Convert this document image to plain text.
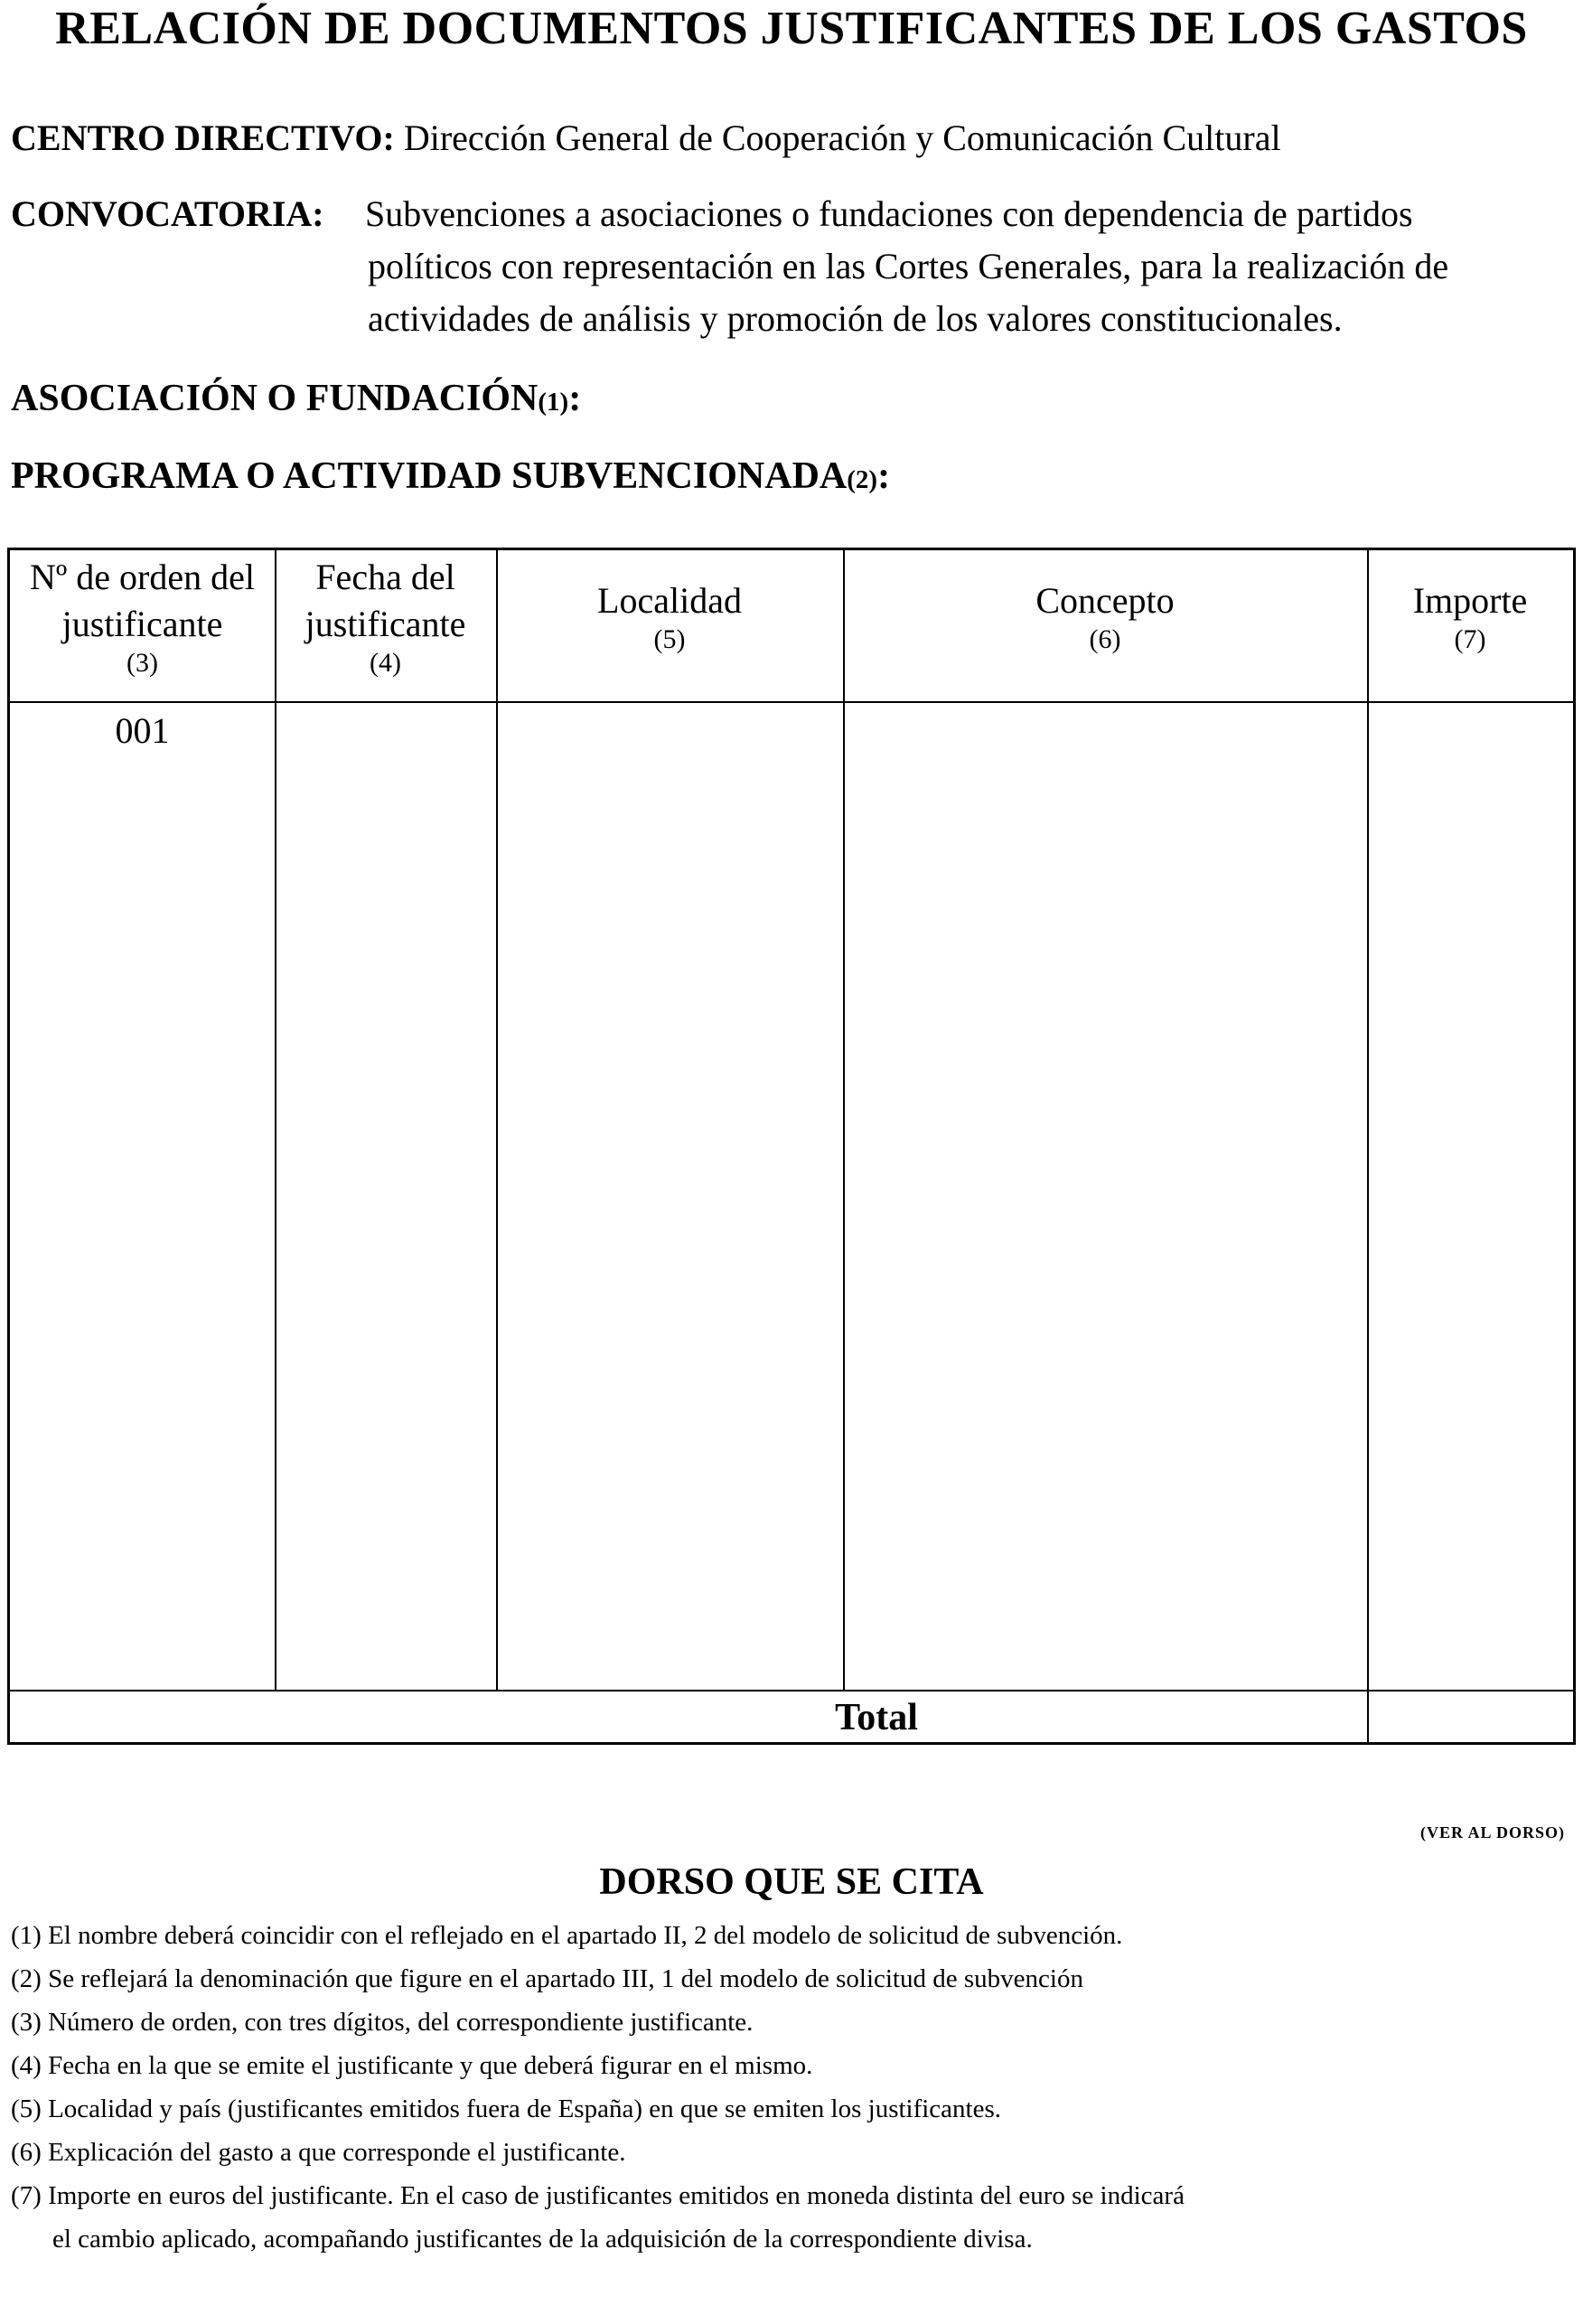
RELACIÓN DE DOCUMENTOS JUSTIFICANTES DE LOS GASTOS
CENTRO DIRECTIVO: Dirección General de Cooperación y Comunicación Cultural
CONVOCATORIA: Subvenciones a asociaciones o fundaciones con dependencia de partidos
políticos con representación en las Cortes Generales, para la realización de
actividades de análisis y promoción de los valores constitucionales.
ASOCIACIÓN O FUNDACIÓN(1):
PROGRAMA O ACTIVIDAD SUBVENCIONADA(2):
Nº de orden del
justificante
(3)
Fecha del
justificante
(4)
Localidad
(5)
Concepto
(6)
Importe
(7)
001
Total
(VER AL DORSO)
DORSO QUE SE CITA
(1) El nombre deberá coincidir con el reflejado en el apartado II, 2 del modelo de solicitud de subvención.
(2) Se reflejará la denominación que figure en el apartado III, 1 del modelo de solicitud de subvención
(3) Número de orden, con tres dígitos, del correspondiente justificante.
(4) Fecha en la que se emite el justificante y que deberá figurar en el mismo.
(5) Localidad y país (justificantes emitidos fuera de España) en que se emiten los justificantes.
(6) Explicación del gasto a que corresponde el justificante.
(7) Importe en euros del justificante. En el caso de justificantes emitidos en moneda distinta del euro se indicará
el cambio aplicado, acompañando justificantes de la adquisición de la correspondiente divisa.
